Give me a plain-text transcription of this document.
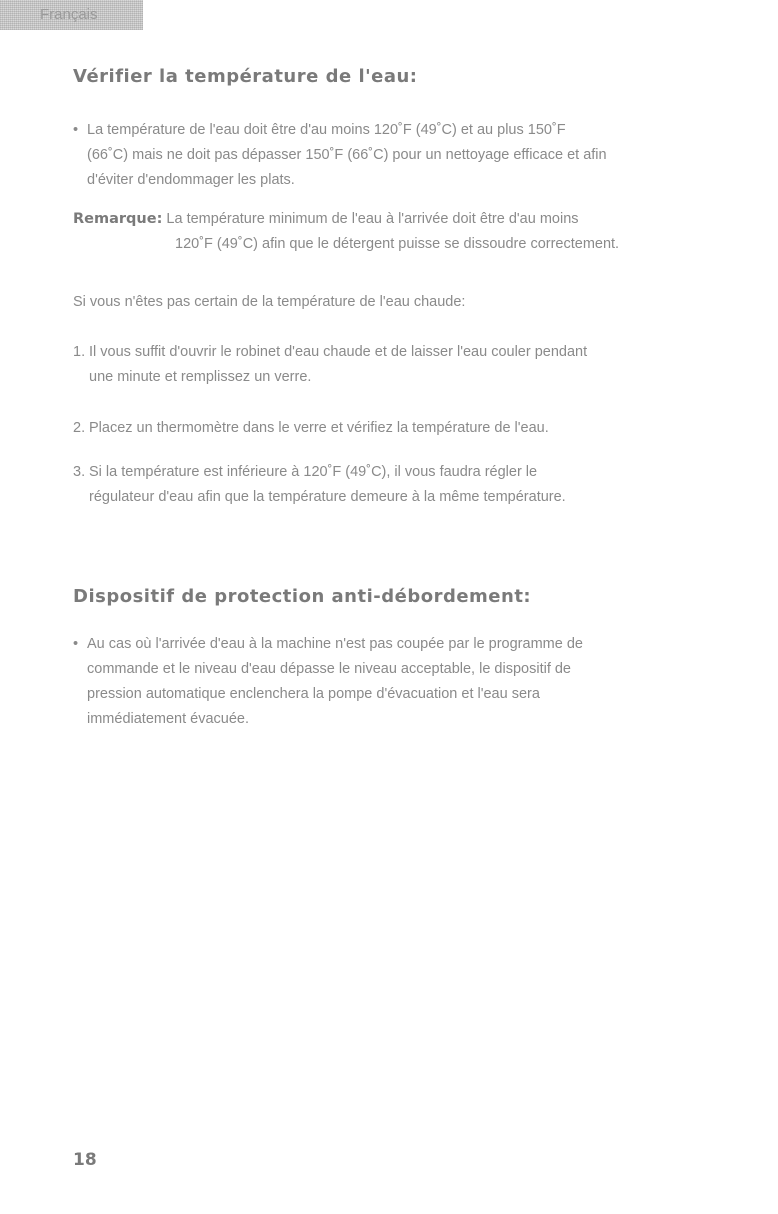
Français
Vérifier la température de l'eau:
• La température de l'eau doit être d'au moins 120˚F (49˚C) et au plus 150˚F
(66˚C) mais ne doit pas dépasser 150˚F (66˚C) pour un nettoyage efficace et afin
d'éviter d'endommager les plats.
Remarque: La température minimum de l'eau à l'arrivée doit être d'au moins
120˚F (49˚C) afin que le détergent puisse se dissoudre correctement.
Si vous n'êtes pas certain de la température de l'eau chaude:
1. Il vous suffit d'ouvrir le robinet d'eau chaude et de laisser l'eau couler pendant
une minute et remplissez un verre.
2. Placez un thermomètre dans le verre et vérifiez la température de l'eau.
3. Si la température est inférieure à 120˚F (49˚C), il vous faudra régler le
régulateur d'eau afin que la température demeure à la même température.
Dispositif de protection anti-débordement:
• Au cas où l'arrivée d'eau à la machine n'est pas coupée par le programme de
commande et le niveau d'eau dépasse le niveau acceptable, le dispositif de
pression automatique enclenchera la pompe d'évacuation et l'eau sera
immédiatement évacuée.
18
